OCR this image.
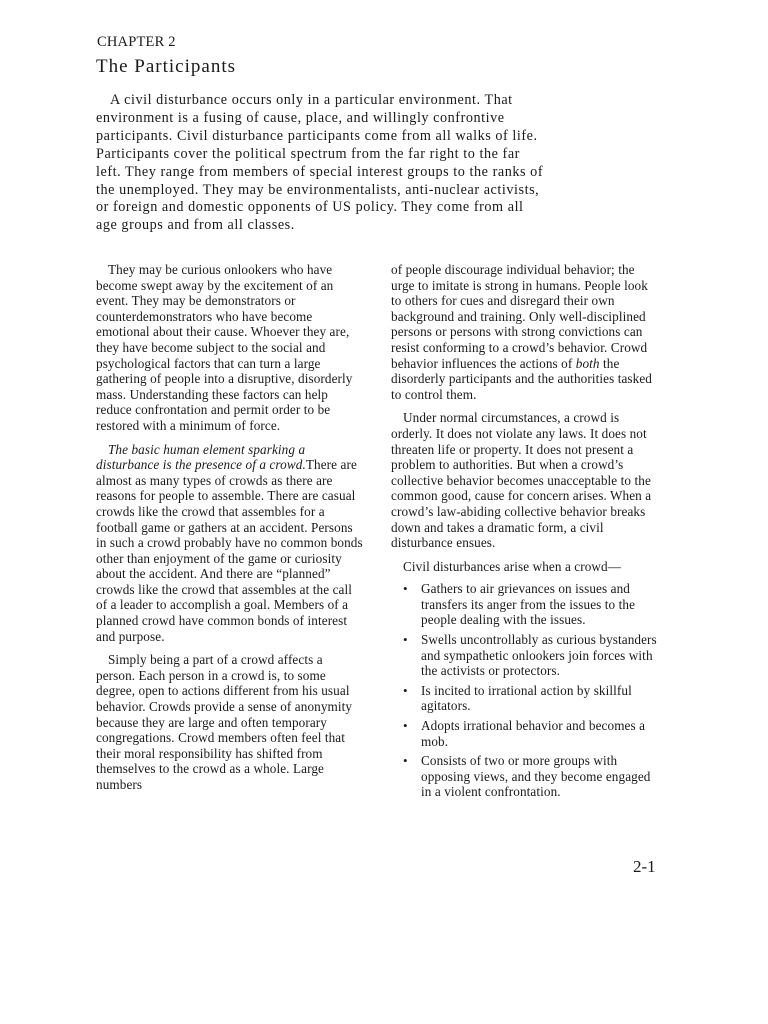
CHAPTER 2
The Participants

A civil disturbance occurs only in a particular environment. That environment is a fusing of cause, place, and willingly confrontive participants. Civil disturbance participants come from all walks of life. Participants cover the political spectrum from the far right to the far left. They range from members of special interest groups to the ranks of the unemployed. They may be environmentalists, anti-nuclear activists, or foreign and domestic opponents of US policy. They come from all age groups and from all classes.

They may be curious onlookers who have become swept away by the excitement of an event. They may be demonstrators or counterdemonstrators who have become emotional about their cause. Whoever they are, they have become subject to the social and psychological factors that can turn a large gathering of people into a disruptive, disorderly mass. Understanding these factors can help reduce confrontation and permit order to be restored with a minimum of force.

The basic human element sparking a disturbance is the presence of a crowd.There are almost as many types of crowds as there are reasons for people to assemble. There are casual crowds like the crowd that assembles for a football game or gathers at an accident. Persons in such a crowd probably have no common bonds other than enjoyment of the game or curiosity about the accident. And there are “planned” crowds like the crowd that assembles at the call of a leader to accomplish a goal. Members of a planned crowd have common bonds of interest and purpose.

Simply being a part of a crowd affects a person. Each person in a crowd is, to some degree, open to actions different from his usual behavior. Crowds provide a sense of anonymity because they are large and often temporary congregations. Crowd members often feel that their moral responsibility has shifted from themselves to the crowd as a whole. Large numbers

of people discourage individual behavior; the urge to imitate is strong in humans. People look to others for cues and disregard their own background and training. Only well-disciplined persons or persons with strong convictions can resist conforming to a crowd’s behavior. Crowd behavior influences the actions of both the disorderly participants and the authorities tasked to control them.

Under normal circumstances, a crowd is orderly. It does not violate any laws. It does not threaten life or property. It does not present a problem to authorities. But when a crowd’s collective behavior becomes unacceptable to the common good, cause for concern arises. When a crowd’s law-abiding collective behavior breaks down and takes a dramatic form, a civil disturbance ensues.

Civil disturbances arise when a crowd—

• Gathers to air grievances on issues and transfers its anger from the issues to the people dealing with the issues.
• Swells uncontrollably as curious bystanders and sympathetic onlookers join forces with the activists or protectors.
• Is incited to irrational action by skillful agitators.
• Adopts irrational behavior and becomes a mob.
• Consists of two or more groups with opposing views, and they become engaged in a violent confrontation.
2-1
